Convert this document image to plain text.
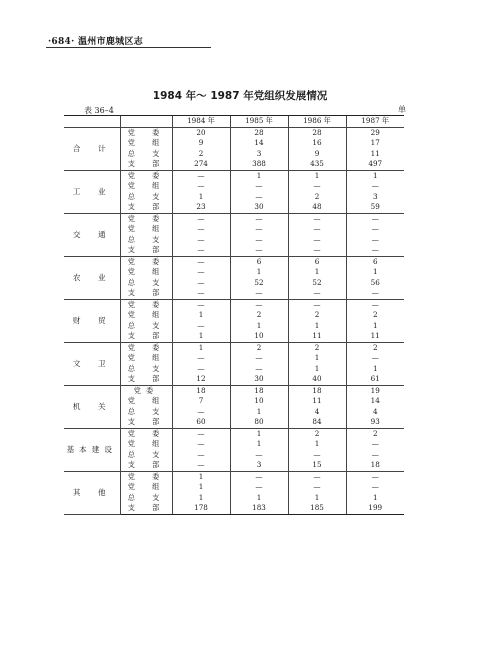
·684· 温州市鹿城区志
1984 年～ 1987 年党组织发展情况
表 36–4	单
		1984 年	1985 年	1986 年	1987 年
合　计	党　委	20	28	28	29
	党　组	9	14	16	17
	总　支	2	3	9	11
	支　部	274	388	435	497
工　业	党　委	—	1	1	1
	党　组	—	—	—	—
	总　支	1	—	2	3
	支　部	23	30	48	59
交　通	党　委	—	—	—	—
	党　组	—	—	—	—
	总　支	—	—	—	—
	支　部	—	—	—	—
农　业	党　委	—	6	6	6
	党　组	—	1	1	1
	总　支	—	52	52	56
	支　部	—	—	—	—
财　贸	党　委	—	—	—	—
	党　组	1	2	2	2
	总　支	—	1	1	1
	支　部	1	10	11	11
文　卫	党　委	1	2	2	2
	党　组	—	—	1	—
	总　支	—	—	1	1
	支　部	12	30	40	61
机　关	党委	18	18	18	19
	党　组	7	10	11	14
	总　支	—	1	4	4
	支　部	60	80	84	93
基本建设	党　委	—	1	2	2
	党　组	—	1	1	—
	总　支	—	—	—	—
	支　部	—	3	15	18
其　他	党　委	1	—	—	—
	党　组	1	—	—	—
	总　支	1	1	1	1
	支　部	178	183	185	199
